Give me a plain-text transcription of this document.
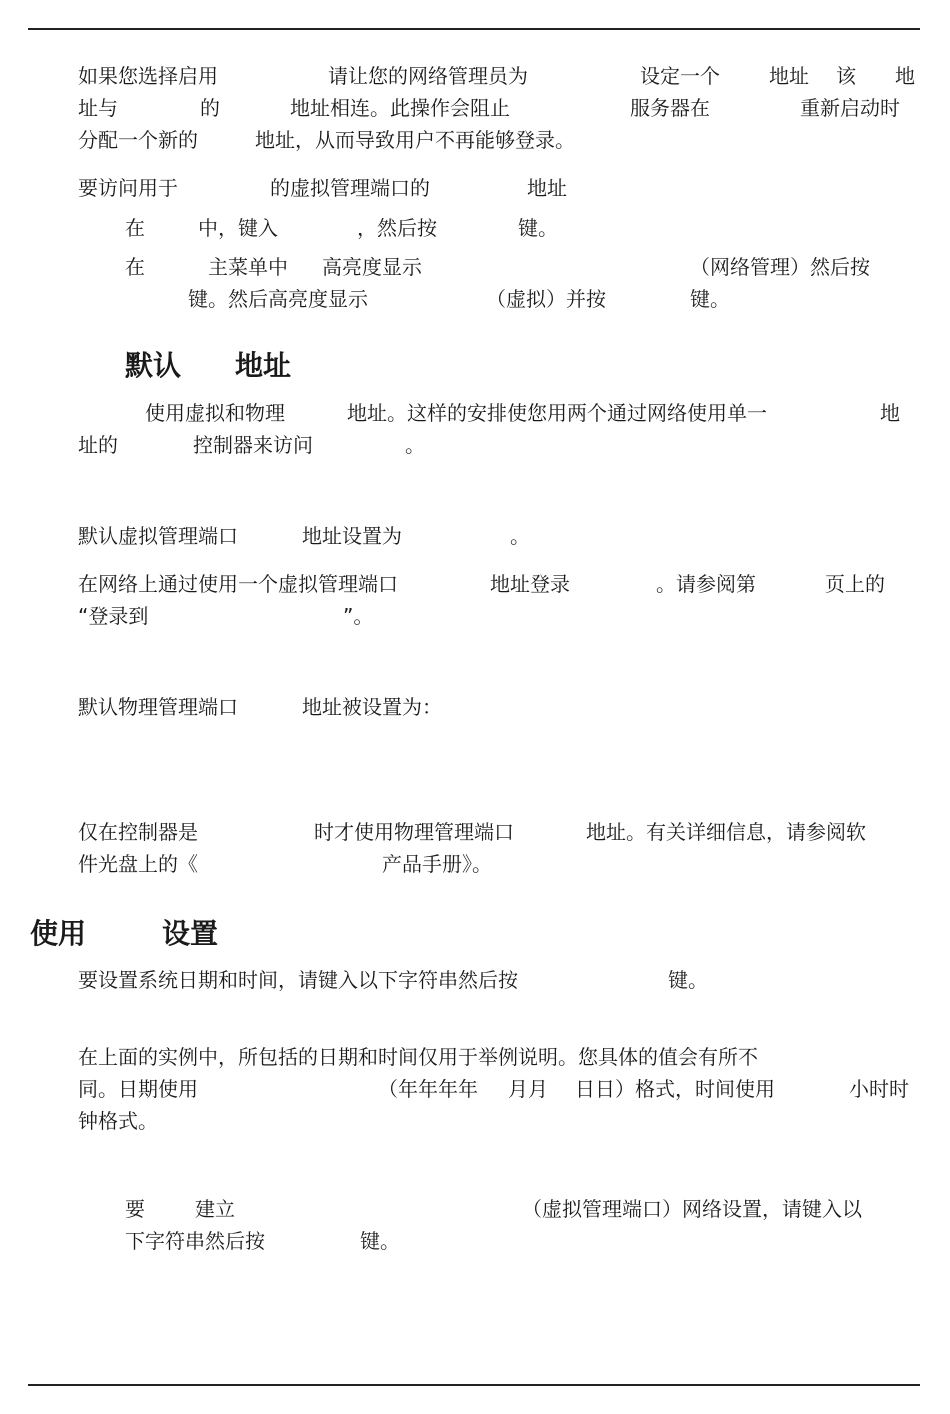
如果您选择启用	请让您的网络管理员为	设定一个 地址 该 地
址与	的	地址相连。此操作会阻止	服务器在	重新启动时
分配一个新的	地址，从而导致用户不再能够登录。
要访问用于	的虚拟管理端口的	地址
在	中，键入	，然后按	键。
在	主菜单中 高亮度显示	（网络管理）然后按
键。然后高亮度显示	（虚拟）并按	键。
默认 地址
使用虚拟和物理	地址。这样的安排使您用两个通过网络使用单一	地
址的	控制器来访问	。
默认虚拟管理端口	地址设置为	。
在网络上通过使用一个虚拟管理端口	地址登录	。请参阅第	页上的
“登录到	”。
默认物理管理端口	地址被设置为：
仅在控制器是	时才使用物理管理端口	地址。有关详细信息，请参阅软
件光盘上的《	产品手册》。
使用	设置
要设置系统日期和时间，请键入以下字符串然后按	键。
在上面的实例中，所包括的日期和时间仅用于举例说明。您具体的值会有所不
同。日期使用	（年年年年 月月 日日）格式，时间使用	小时时
钟格式。
要	建立	（虚拟管理端口）网络设置，请键入以
下字符串然后按	键。
